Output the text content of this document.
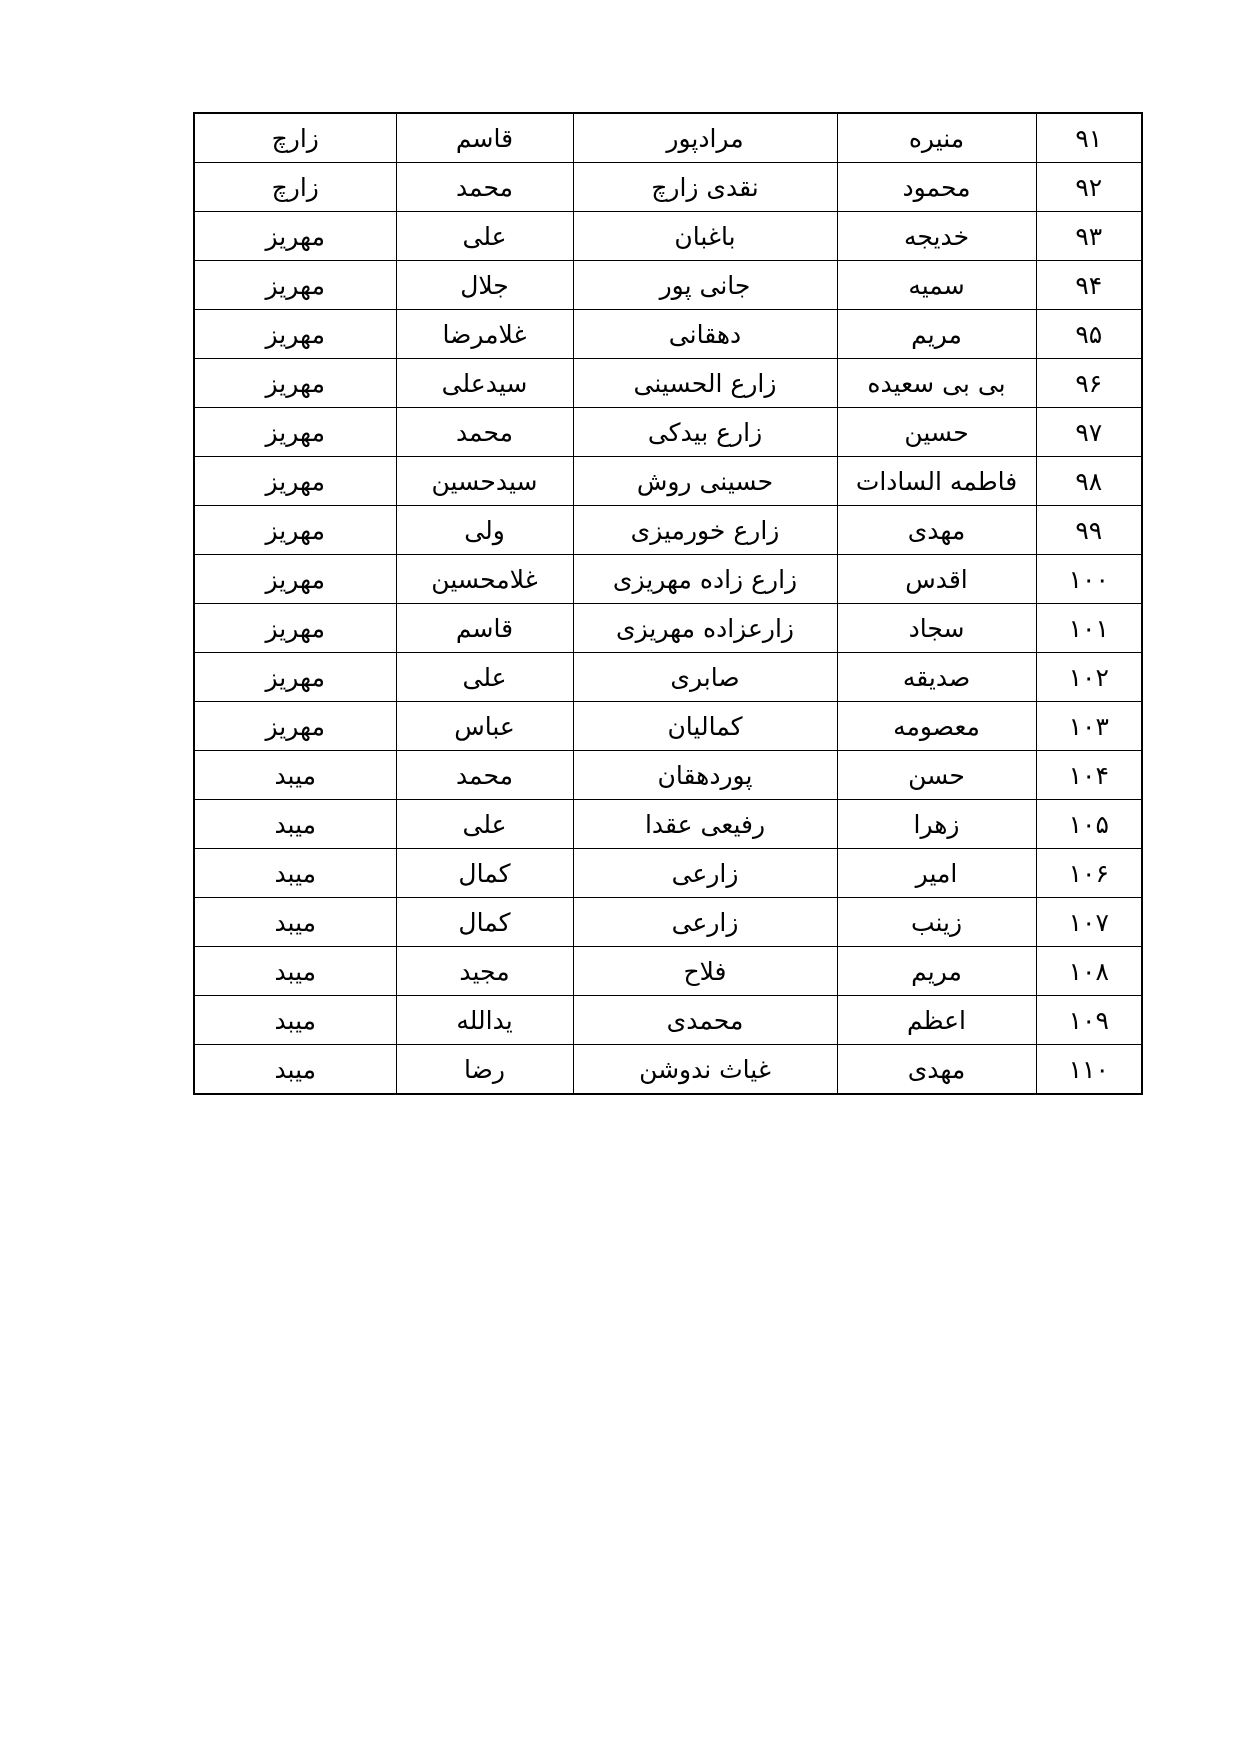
۹۱	منیره	مرادپور	قاسم	زارچ
۹۲	محمود	نقدی زارچ	محمد	زارچ
۹۳	خدیجه	باغبان	علی	مهریز
۹۴	سمیه	جانی پور	جلال	مهریز
۹۵	مریم	دهقانی	غلامرضا	مهریز
۹۶	بی بی سعیده	زارع الحسینی	سیدعلی	مهریز
۹۷	حسین	زارع بیدکی	محمد	مهریز
۹۸	فاطمه السادات	حسینی روش	سیدحسین	مهریز
۹۹	مهدی	زارع خورمیزی	ولی	مهریز
۱۰۰	اقدس	زارع زاده مهریزی	غلامحسین	مهریز
۱۰۱	سجاد	زارعزاده مهریزی	قاسم	مهریز
۱۰۲	صدیقه	صابری	علی	مهریز
۱۰۳	معصومه	کمالیان	عباس	مهریز
۱۰۴	حسن	پوردهقان	محمد	میبد
۱۰۵	زهرا	رفیعی عقدا	علی	میبد
۱۰۶	امیر	زارعی	کمال	میبد
۱۰۷	زینب	زارعی	کمال	میبد
۱۰۸	مریم	فلاح	مجید	میبد
۱۰۹	اعظم	محمدی	یدالله	میبد
۱۱۰	مهدی	غیاث ندوشن	رضا	میبد
